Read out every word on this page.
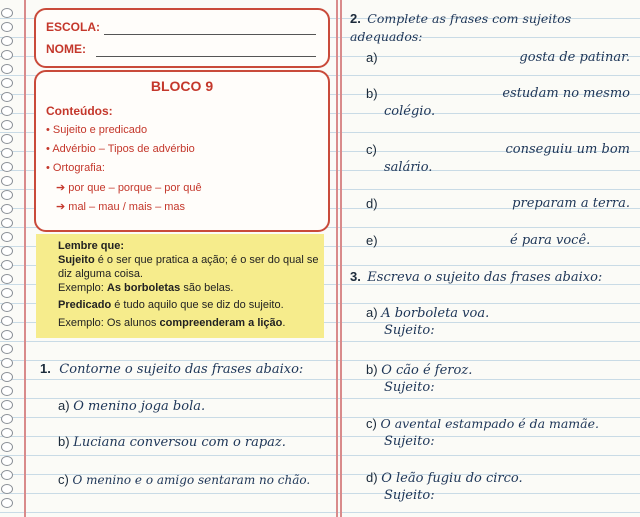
ESCOLA:
NOME:
BLOCO 9
Conteúdos:
• Sujeito e predicado
• Advérbio – Tipos de advérbio
• Ortografia:
➔ por que – porque – por quê
➔ mal – mau / mais – mas

Lembre que:

Sujeito é o ser que pratica a ação; é o ser do qual se diz alguma coisa.

Exemplo: As borboletas são belas.

Predicado é tudo aquilo que se diz do sujeito.

Exemplo: Os alunos compreenderam a lição.

1. Contorne o sujeito das frases abaixo:
a) O menino joga bola.
b) Luciana conversou com o rapaz.
c) O menino e o amigo sentaram no chão.
2. Complete as frases com sujeitos adequados:
a)	gosta de patinar.
b)	estudam no mesmo
colégio.
c)	conseguiu um bom
salário.
d)	preparam a terra.
e)	é para você.
3. Escreva o sujeito das frases abaixo:
a) A borboleta voa.
Sujeito:
b) O cão é feroz.
Sujeito:
c) O avental estampado é da mamãe.
Sujeito:
d) O leão fugiu do circo.
Sujeito:
